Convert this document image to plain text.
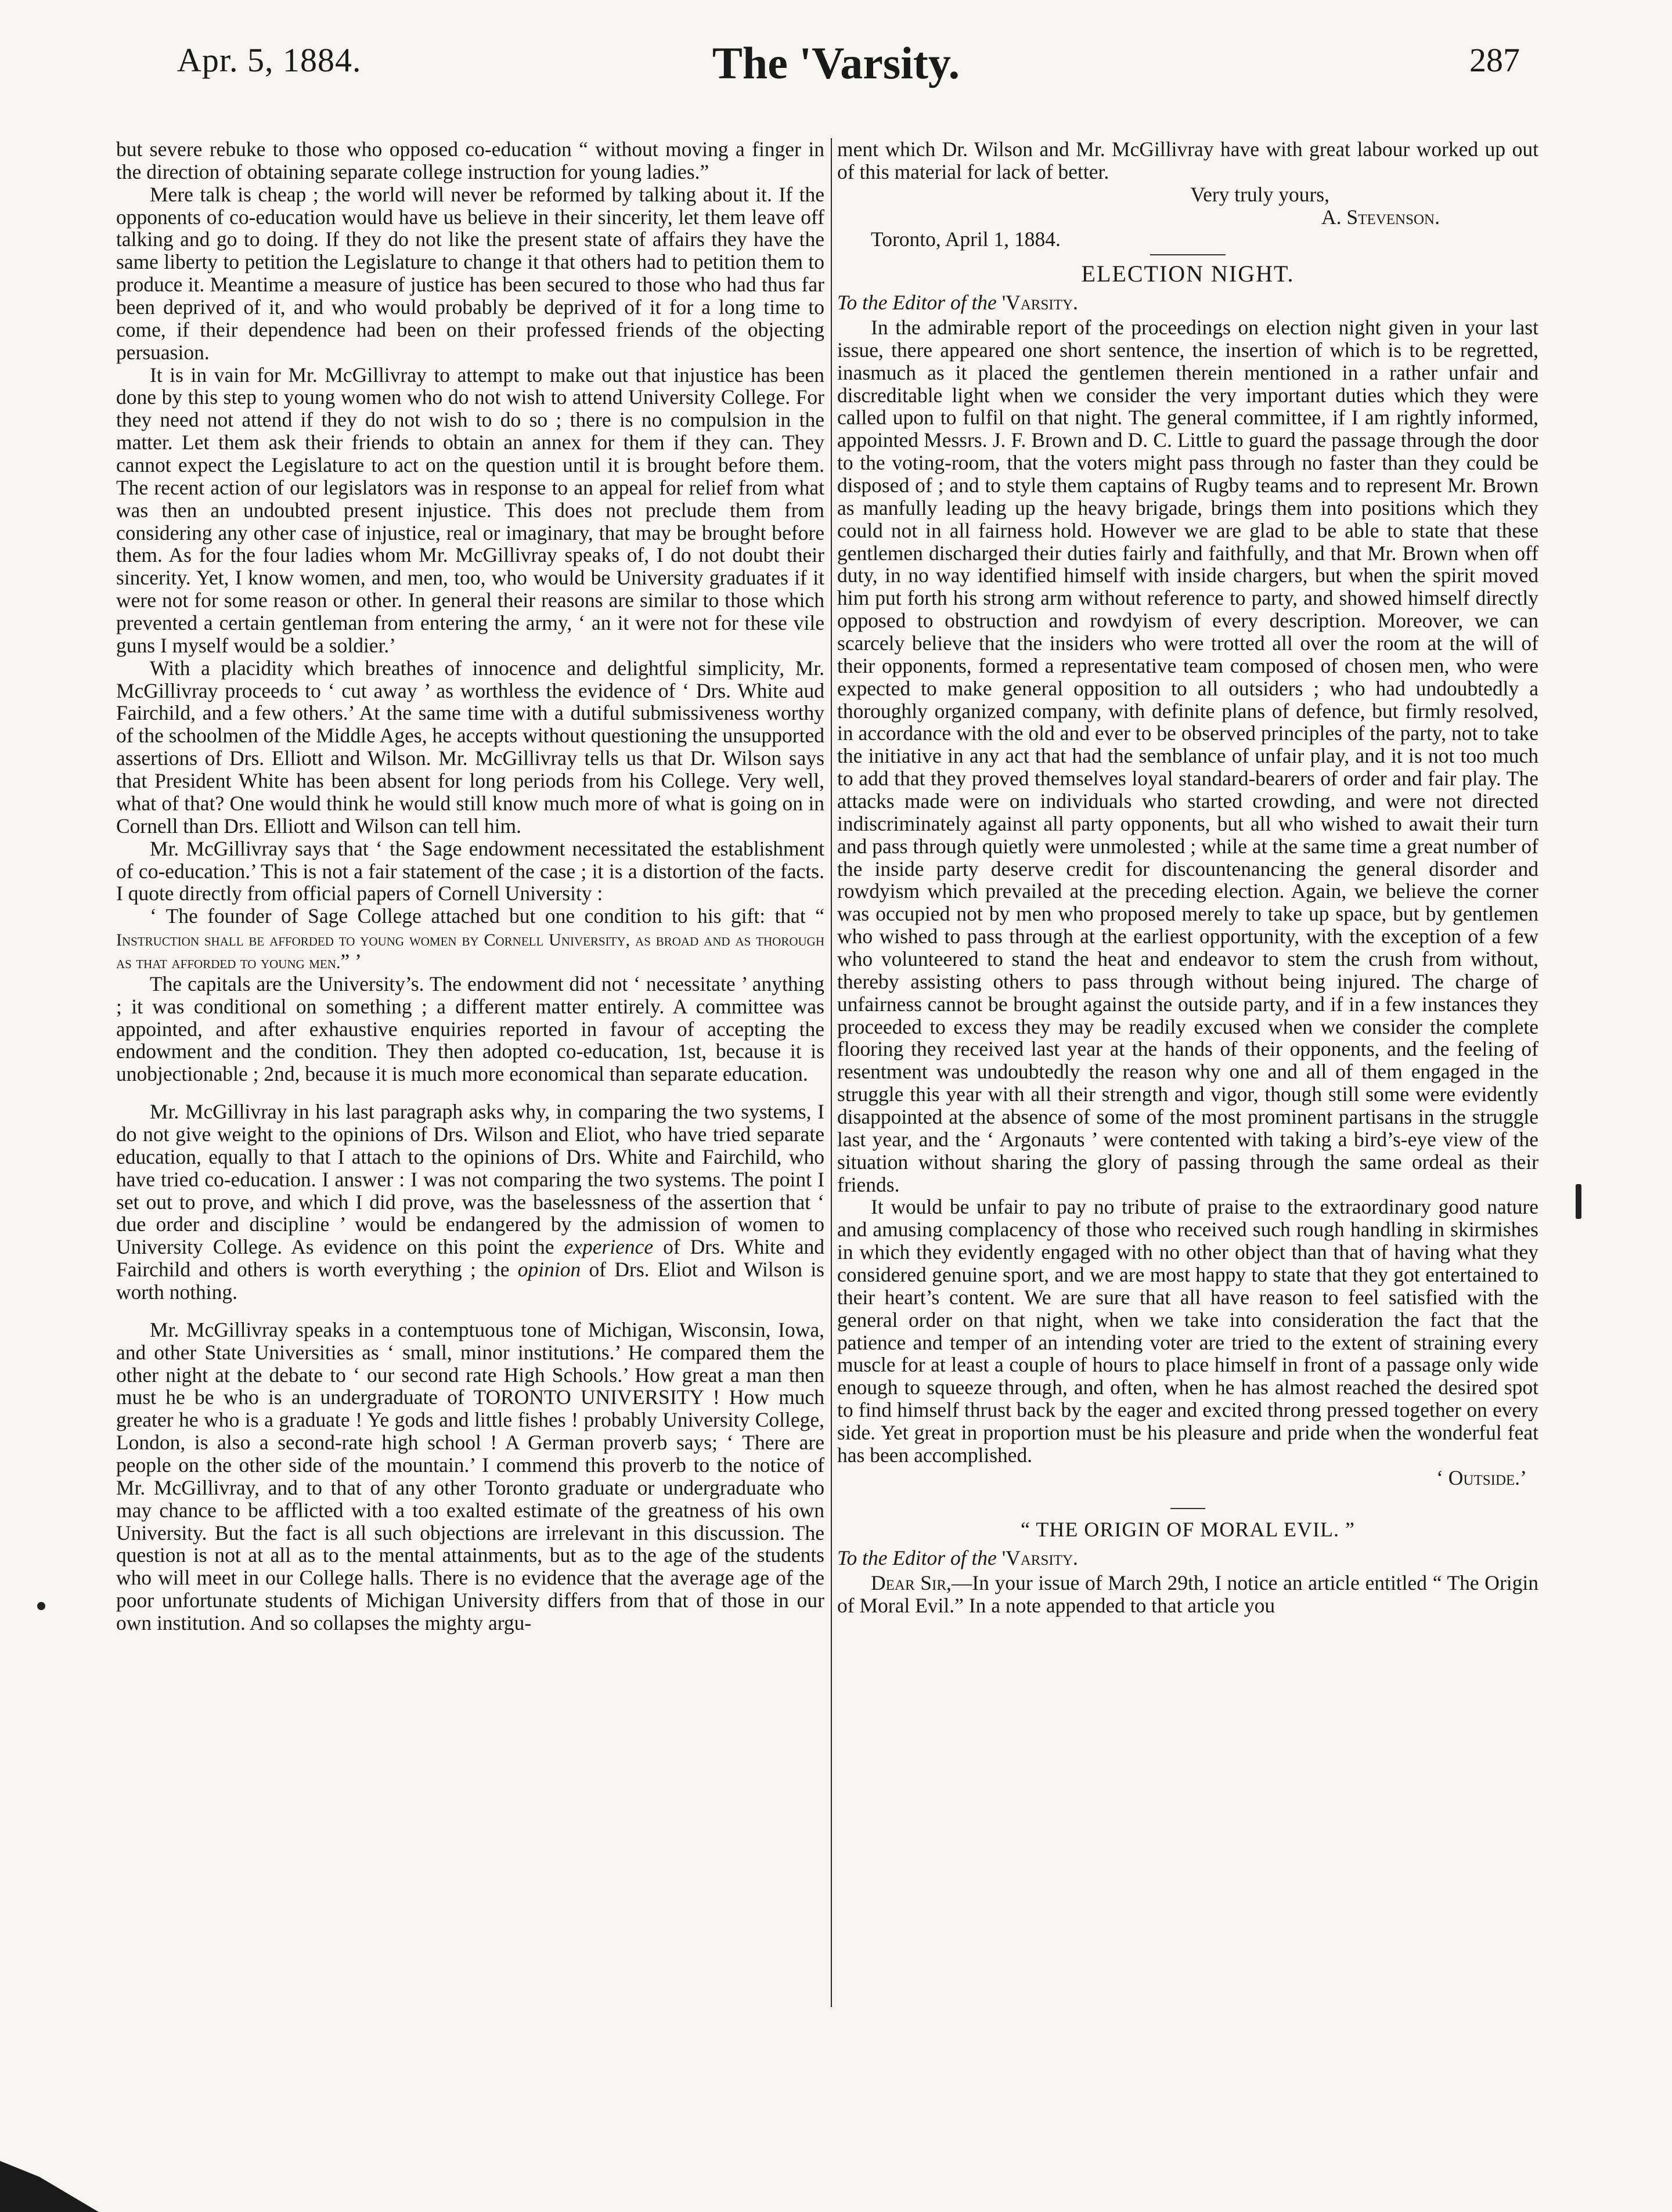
Apr. 5, 1884.	The 'Varsity.	287

but severe rebuke to those who opposed co-education “ without moving a finger in the direction of obtaining separate college instruction for young ladies.”

Mere talk is cheap ; the world will never be reformed by talking about it. If the opponents of co-education would have us believe in their sincerity, let them leave off talking and go to doing. If they do not like the present state of affairs they have the same liberty to petition the Legislature to change it that others had to petition them to produce it. Meantime a measure of justice has been secured to those who had thus far been deprived of it, and who would probably be deprived of it for a long time to come, if their dependence had been on their professed friends of the objecting persuasion.

It is in vain for Mr. McGillivray to attempt to make out that injustice has been done by this step to young women who do not wish to attend University College. For they need not attend if they do not wish to do so ; there is no compulsion in the matter. Let them ask their friends to obtain an annex for them if they can. They cannot expect the Legislature to act on the question until it is brought before them. The recent action of our legislators was in response to an appeal for relief from what was then an undoubted present injustice. This does not preclude them from considering any other case of injustice, real or imaginary, that may be brought before them. As for the four ladies whom Mr. McGillivray speaks of, I do not doubt their sincerity. Yet, I know women, and men, too, who would be University graduates if it were not for some reason or other. In general their reasons are similar to those which prevented a certain gentleman from entering the army, ‘ an it were not for these vile guns I myself would be a soldier.’

With a placidity which breathes of innocence and delightful simplicity, Mr. McGillivray proceeds to ‘ cut away ’ as worthless the evidence of ‘ Drs. White aud Fairchild, and a few others.’ At the same time with a dutiful submissiveness worthy of the schoolmen of the Middle Ages, he accepts without questioning the unsupported assertions of Drs. Elliott and Wilson. Mr. McGillivray tells us that Dr. Wilson says that President White has been absent for long periods from his College. Very well, what of that? One would think he would still know much more of what is going on in Cornell than Drs. Elliott and Wilson can tell him.

Mr. McGillivray says that ‘ the Sage endowment necessitated the establishment of co-education.’ This is not a fair statement of the case ; it is a distortion of the facts. I quote directly from official papers of Cornell University :

‘ The founder of Sage College attached but one condition to his gift: that “ Instruction shall be afforded to young women by Cornell University, as broad and as thorough as that afforded to young men.” ’

The capitals are the University’s. The endowment did not ‘ necessitate ’ anything ; it was conditional on something ; a different matter entirely. A committee was appointed, and after exhaustive enquiries reported in favour of accepting the endowment and the condition. They then adopted co-education, 1st, because it is unobjectionable ; 2nd, because it is much more economical than separate education.

Mr. McGillivray in his last paragraph asks why, in comparing the two systems, I do not give weight to the opinions of Drs. Wilson and Eliot, who have tried separate education, equally to that I attach to the opinions of Drs. White and Fairchild, who have tried co-education. I answer : I was not comparing the two systems. The point I set out to prove, and which I did prove, was the baselessness of the assertion that ‘ due order and discipline ’ would be endangered by the admission of women to University College. As evidence on this point the experience of Drs. White and Fairchild and others is worth everything ; the opinion of Drs. Eliot and Wilson is worth nothing.

Mr. McGillivray speaks in a contemptuous tone of Michigan, Wisconsin, Iowa, and other State Universities as ‘ small, minor institutions.’ He compared them the other night at the debate to ‘ our second rate High Schools.’ How great a man then must he be who is an undergraduate of TORONTO UNIVERSITY ! How much greater he who is a graduate ! Ye gods and little fishes ! probably University College, London, is also a second-rate high school ! A German proverb says; ‘ There are people on the other side of the mountain.’ I commend this proverb to the notice of Mr. McGillivray, and to that of any other Toronto graduate or undergraduate who may chance to be afflicted with a too exalted estimate of the greatness of his own University. But the fact is all such objections are irrelevant in this discussion. The question is not at all as to the mental attainments, but as to the age of the students who will meet in our College halls. There is no evidence that the average age of the poor unfortunate students of Michigan University differs from that of those in our own institution. And so collapses the mighty argu-

ment which Dr. Wilson and Mr. McGillivray have with great labour worked up out of this material for lack of better.

Very truly yours,

A. Stevenson.

Toronto, April 1, 1884.

ELECTION NIGHT.

To the Editor of the 'Varsity.

In the admirable report of the proceedings on election night given in your last issue, there appeared one short sentence, the insertion of which is to be regretted, inasmuch as it placed the gentlemen therein mentioned in a rather unfair and discreditable light when we consider the very important duties which they were called upon to fulfil on that night. The general committee, if I am rightly informed, appointed Messrs. J. F. Brown and D. C. Little to guard the passage through the door to the voting-room, that the voters might pass through no faster than they could be disposed of ; and to style them captains of Rugby teams and to represent Mr. Brown as manfully leading up the heavy brigade, brings them into positions which they could not in all fairness hold. However we are glad to be able to state that these gentlemen discharged their duties fairly and faithfully, and that Mr. Brown when off duty, in no way identified himself with inside chargers, but when the spirit moved him put forth his strong arm without reference to party, and showed himself directly opposed to obstruction and rowdyism of every description. Moreover, we can scarcely believe that the insiders who were trotted all over the room at the will of their opponents, formed a representative team composed of chosen men, who were expected to make general opposition to all outsiders ; who had undoubtedly a thoroughly organized company, with definite plans of defence, but firmly resolved, in accordance with the old and ever to be observed principles of the party, not to take the initiative in any act that had the semblance of unfair play, and it is not too much to add that they proved themselves loyal standard-bearers of order and fair play. The attacks made were on individuals who started crowding, and were not directed indiscriminately against all party opponents, but all who wished to await their turn and pass through quietly were unmolested ; while at the same time a great number of the inside party deserve credit for discountenancing the general disorder and rowdyism which prevailed at the preceding election. Again, we believe the corner was occupied not by men who proposed merely to take up space, but by gentlemen who wished to pass through at the earliest opportunity, with the exception of a few who volunteered to stand the heat and endeavor to stem the crush from without, thereby assisting others to pass through without being injured. The charge of unfairness cannot be brought against the outside party, and if in a few instances they proceeded to excess they may be readily excused when we consider the complete flooring they received last year at the hands of their opponents, and the feeling of resentment was undoubtedly the reason why one and all of them engaged in the struggle this year with all their strength and vigor, though still some were evidently disappointed at the absence of some of the most prominent partisans in the struggle last year, and the ‘ Argonauts ’ were contented with taking a bird’s-eye view of the situation without sharing the glory of passing through the same ordeal as their friends.

It would be unfair to pay no tribute of praise to the extraordinary good nature and amusing complacency of those who received such rough handling in skirmishes in which they evidently engaged with no other object than that of having what they considered genuine sport, and we are most happy to state that they got entertained to their heart’s content. We are sure that all have reason to feel satisfied with the general order on that night, when we take into consideration the fact that the patience and temper of an intending voter are tried to the extent of straining every muscle for at least a couple of hours to place himself in front of a passage only wide enough to squeeze through, and often, when he has almost reached the desired spot to find himself thrust back by the eager and excited throng pressed together on every side. Yet great in proportion must be his pleasure and pride when the wonderful feat has been accomplished.

‘ Outside.’

“ THE ORIGIN OF MORAL EVIL. ”

To the Editor of the 'Varsity.

Dear Sir,—In your issue of March 29th, I notice an article entitled “ The Origin of Moral Evil.” In a note appended to that article you
